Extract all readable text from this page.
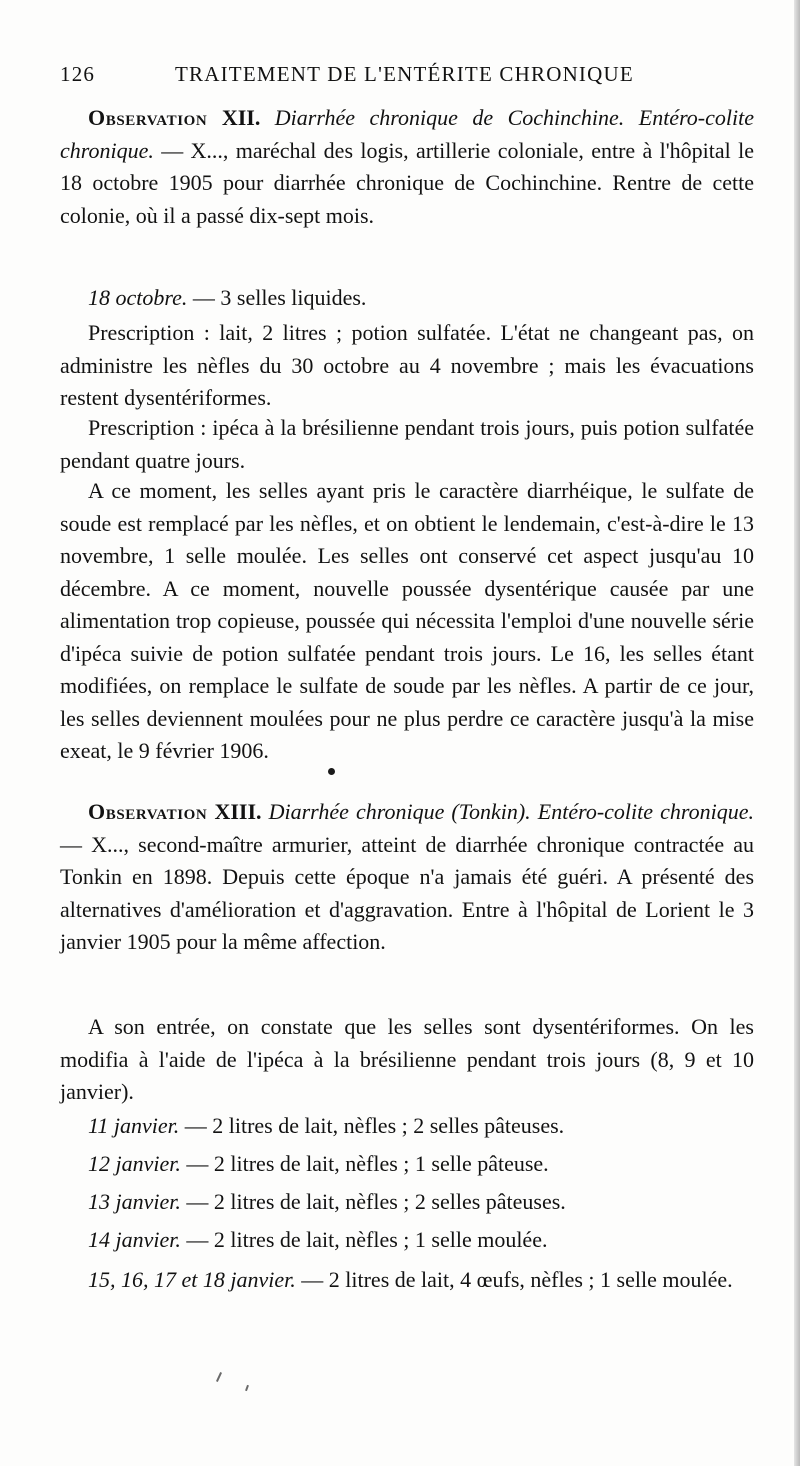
126	TRAITEMENT DE L'ENTÉRITE CHRONIQUE

Observation XII. Diarrhée chronique de Cochinchine. Entéro-colite chronique. — X..., maréchal des logis, artillerie coloniale, entre à l'hôpital le 18 octobre 1905 pour diarrhée chronique de Cochinchine. Rentre de cette colonie, où il a passé dix-sept mois.

18 octobre. — 3 selles liquides.

Prescription : lait, 2 litres ; potion sulfatée. L'état ne changeant pas, on administre les nèfles du 30 octobre au 4 novembre ; mais les évacuations restent dysentériformes.

Prescription : ipéca à la brésilienne pendant trois jours, puis potion sulfatée pendant quatre jours.

A ce moment, les selles ayant pris le caractère diarrhéique, le sulfate de soude est remplacé par les nèfles, et on obtient le lendemain, c'est-à-dire le 13 novembre, 1 selle moulée. Les selles ont conservé cet aspect jusqu'au 10 décembre. A ce moment, nouvelle poussée dysentérique causée par une alimentation trop copieuse, poussée qui nécessita l'emploi d'une nouvelle série d'ipéca suivie de potion sulfatée pendant trois jours. Le 16, les selles étant modifiées, on remplace le sulfate de soude par les nèfles. A partir de ce jour, les selles deviennent moulées pour ne plus perdre ce caractère jusqu'à la mise exeat, le 9 février 1906.

Observation XIII. Diarrhée chronique (Tonkin). Entéro-colite chronique. — X..., second-maître armurier, atteint de diarrhée chronique contractée au Tonkin en 1898. Depuis cette époque n'a jamais été guéri. A présenté des alternatives d'amélioration et d'aggravation. Entre à l'hôpital de Lorient le 3 janvier 1905 pour la même affection.

A son entrée, on constate que les selles sont dysentériformes. On les modifia à l'aide de l'ipéca à la brésilienne pendant trois jours (8, 9 et 10 janvier).

11 janvier. — 2 litres de lait, nèfles ; 2 selles pâteuses.

12 janvier. — 2 litres de lait, nèfles ; 1 selle pâteuse.

13 janvier. — 2 litres de lait, nèfles ; 2 selles pâteuses.

14 janvier. — 2 litres de lait, nèfles ; 1 selle moulée.

15, 16, 17 et 18 janvier. — 2 litres de lait, 4 œufs, nèfles ; 1 selle moulée.
